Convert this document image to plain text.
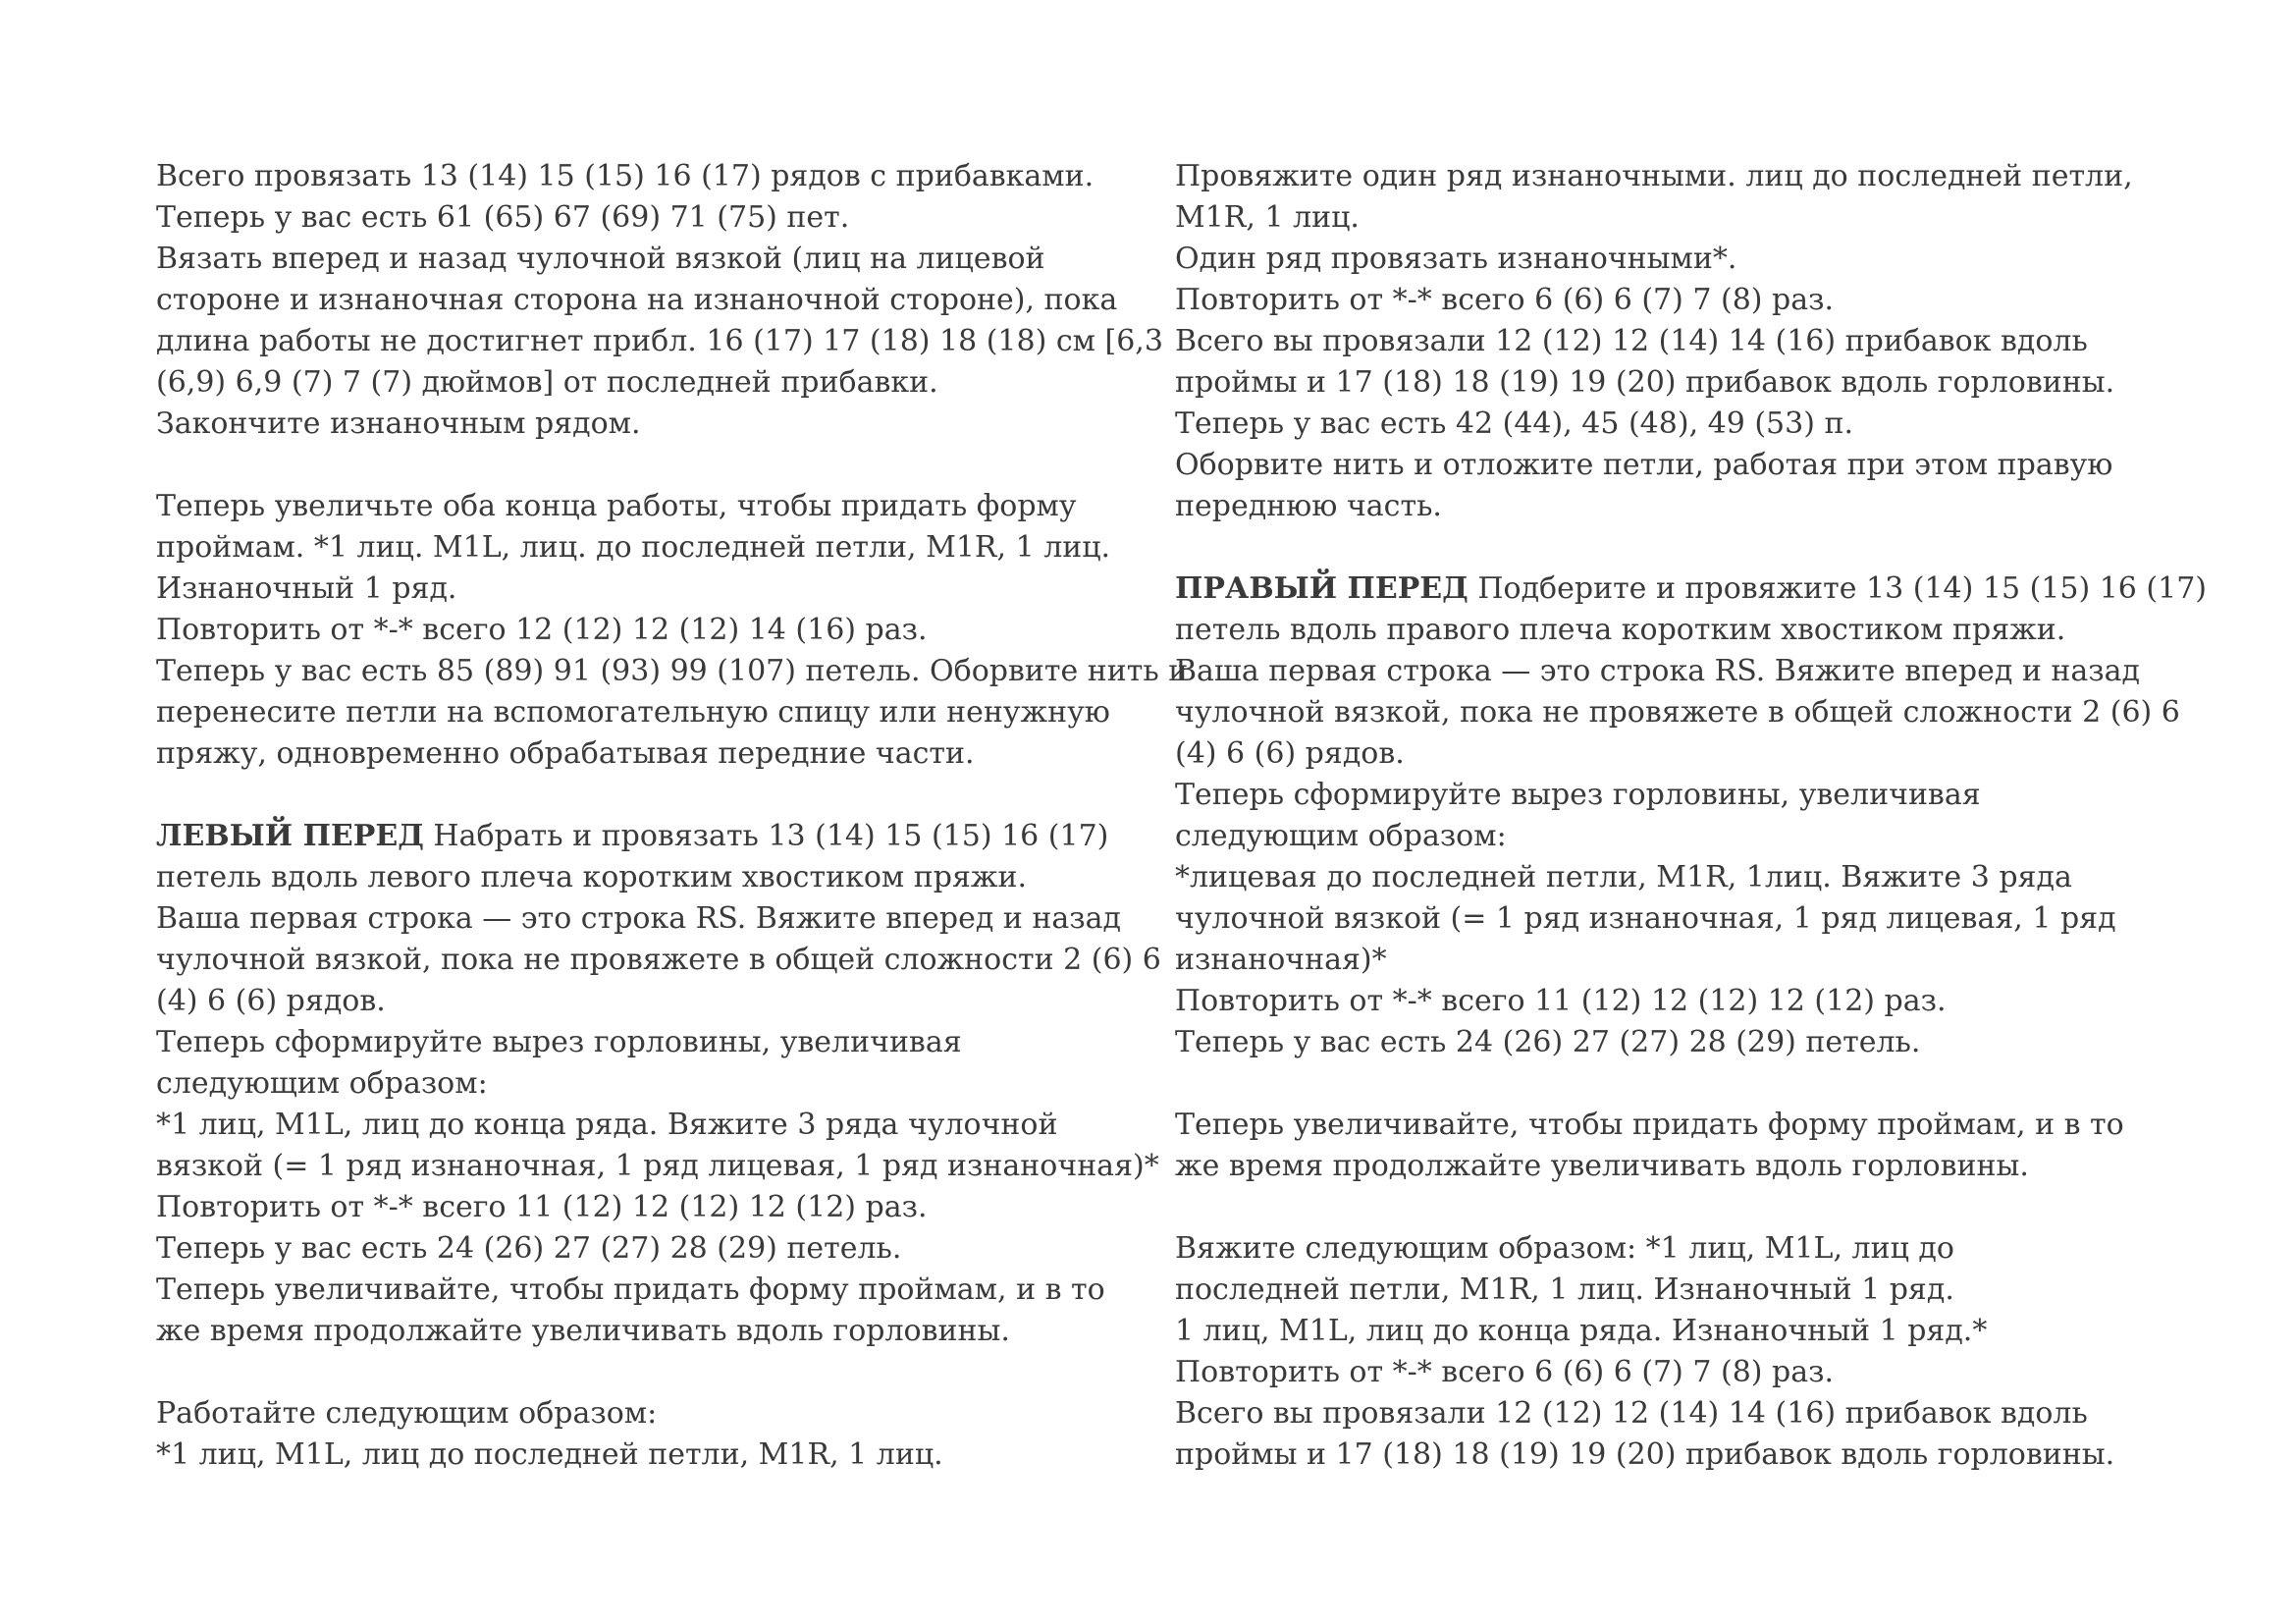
Всего провязать 13 (14) 15 (15) 16 (17) рядов с прибавками.
Теперь у вас есть 61 (65) 67 (69) 71 (75) пет.
Вязать вперед и назад чулочной вязкой (лиц на лицевой
стороне и изнаночная сторона на изнаночной стороне), пока
длина работы не достигнет прибл. 16 (17) 17 (18) 18 (18) см [6,3
(6,9) 6,9 (7) 7 (7) дюймов] от последней прибавки.
Закончите изнаночным рядом.
Теперь увеличьте оба конца работы, чтобы придать форму
проймам. *1 лиц. M1L, лиц. до последней петли, M1R, 1 лиц.
Изнаночный 1 ряд.
Повторить от *-* всего 12 (12) 12 (12) 14 (16) раз.
Теперь у вас есть 85 (89) 91 (93) 99 (107) петель. Оборвите нить и
перенесите петли на вспомогательную спицу или ненужную
пряжу, одновременно обрабатывая передние части.
ЛЕВЫЙ ПЕРЕД Набрать и провязать 13 (14) 15 (15) 16 (17)
петель вдоль левого плеча коротким хвостиком пряжи.
Ваша первая строка — это строка RS. Вяжите вперед и назад
чулочной вязкой, пока не провяжете в общей сложности 2 (6) 6
(4) 6 (6) рядов.
Теперь сформируйте вырез горловины, увеличивая
следующим образом:
*1 лиц, M1L, лиц до конца ряда. Вяжите 3 ряда чулочной
вязкой (= 1 ряд изнаночная, 1 ряд лицевая, 1 ряд изнаночная)*
Повторить от *-* всего 11 (12) 12 (12) 12 (12) раз.
Теперь у вас есть 24 (26) 27 (27) 28 (29) петель.
Теперь увеличивайте, чтобы придать форму проймам, и в то
же время продолжайте увеличивать вдоль горловины.
Работайте следующим образом:
*1 лиц, M1L, лиц до последней петли, M1R, 1 лиц.
Провяжите один ряд изнаночными. лиц до последней петли,
M1R, 1 лиц.
Один ряд провязать изнаночными*.
Повторить от *-* всего 6 (6) 6 (7) 7 (8) раз.
Всего вы провязали 12 (12) 12 (14) 14 (16) прибавок вдоль
проймы и 17 (18) 18 (19) 19 (20) прибавок вдоль горловины.
Теперь у вас есть 42 (44), 45 (48), 49 (53) п.
Оборвите нить и отложите петли, работая при этом правую
переднюю часть.
ПРАВЫЙ ПЕРЕД Подберите и провяжите 13 (14) 15 (15) 16 (17)
петель вдоль правого плеча коротким хвостиком пряжи.
Ваша первая строка — это строка RS. Вяжите вперед и назад
чулочной вязкой, пока не провяжете в общей сложности 2 (6) 6
(4) 6 (6) рядов.
Теперь сформируйте вырез горловины, увеличивая
следующим образом:
*лицевая до последней петли, M1R, 1лиц. Вяжите 3 ряда
чулочной вязкой (= 1 ряд изнаночная, 1 ряд лицевая, 1 ряд
изнаночная)*
Повторить от *-* всего 11 (12) 12 (12) 12 (12) раз.
Теперь у вас есть 24 (26) 27 (27) 28 (29) петель.
Теперь увеличивайте, чтобы придать форму проймам, и в то
же время продолжайте увеличивать вдоль горловины.
Вяжите следующим образом: *1 лиц, M1L, лиц до
последней петли, M1R, 1 лиц. Изнаночный 1 ряд.
1 лиц, M1L, лиц до конца ряда. Изнаночный 1 ряд.*
Повторить от *-* всего 6 (6) 6 (7) 7 (8) раз.
Всего вы провязали 12 (12) 12 (14) 14 (16) прибавок вдоль
проймы и 17 (18) 18 (19) 19 (20) прибавок вдоль горловины.
